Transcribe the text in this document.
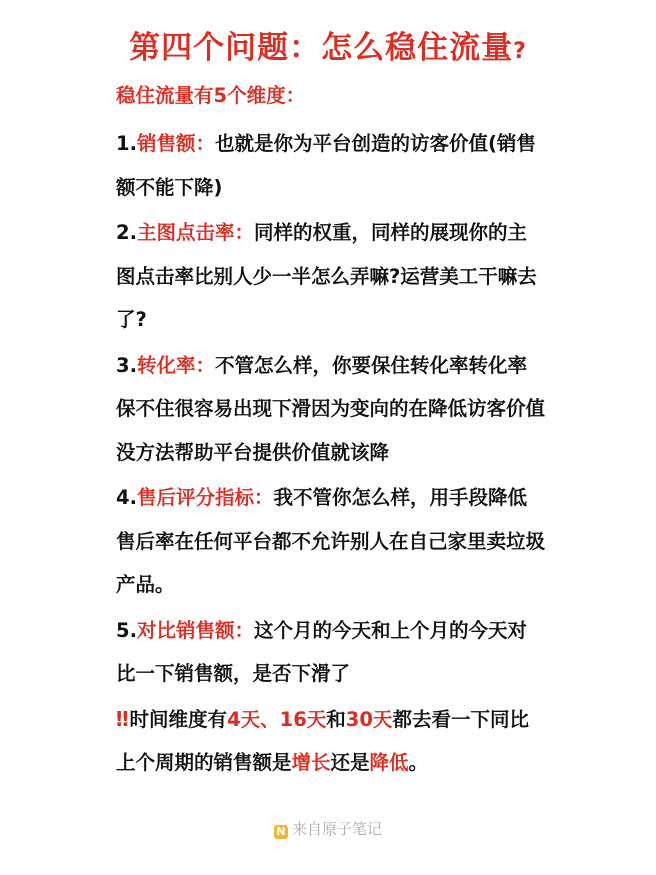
第四个问题：怎么稳住流量?
稳住流量有5个维度：
1.销售额：也就是你为平台创造的访客价值(销售额不能下降)
2.主图点击率：同样的权重，同样的展现你的主图点击率比别人少一半怎么弄嘛?运营美工干嘛去了?
3.转化率：不管怎么样，你要保住转化率转化率保不住很容易出现下滑因为变向的在降低访客价值没方法帮助平台提供价值就该降
4.售后评分指标：我不管你怎么样，用手段降低售后率在任何平台都不允许别人在自己家里卖垃圾产品。
5.对比销售额：这个月的今天和上个月的今天对比一下销售额，是否下滑了
‼ 时间维度有4天、16天和30天都去看一下同比上个周期的销售额是增长还是降低。
N 来自原子笔记
